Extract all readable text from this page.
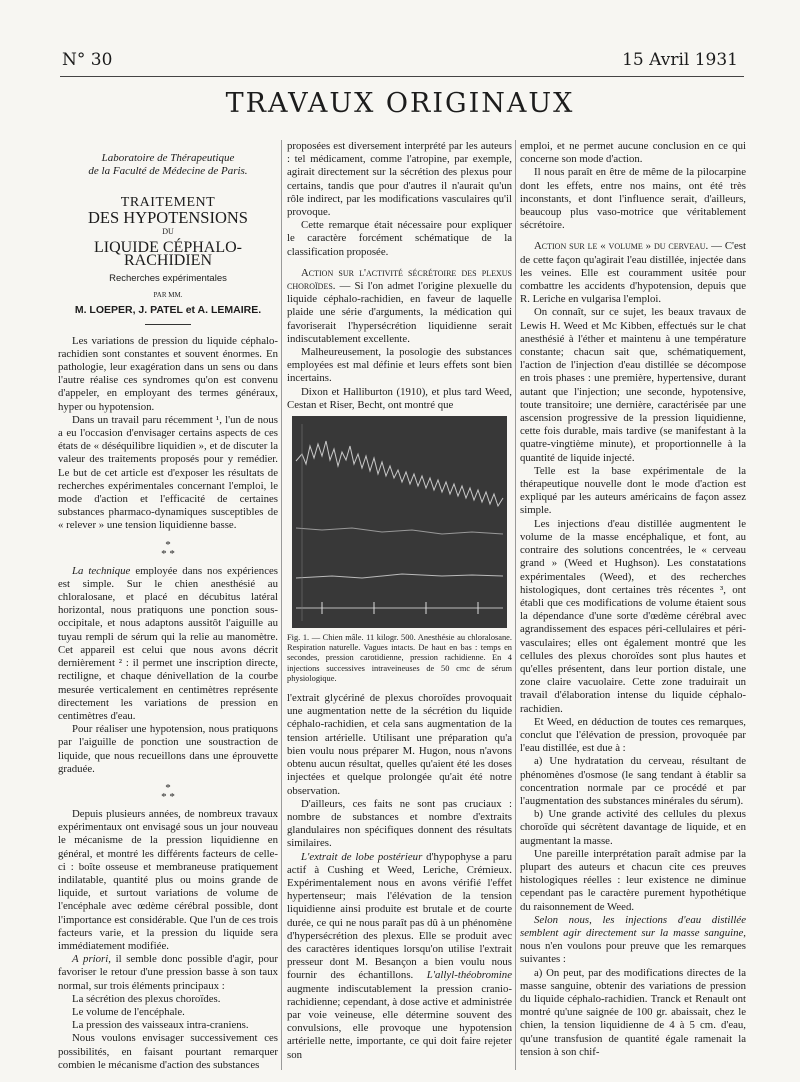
N° 30	15 Avril 1931
TRAVAUX ORIGINAUX
Laboratoire de Thérapeutique
de la Faculté de Médecine de Paris.
TRAITEMENT
DES HYPOTENSIONS
DU
LIQUIDE CÉPHALO-RACHIDIEN
Recherches expérimentales
PAR MM.
M. LOEPER, J. PATEL et A. LEMAIRE.

Les variations de pression du liquide céphalo-rachidien sont constantes et souvent énormes. En pathologie, leur exagération dans un sens ou dans l'autre réalise ces syndromes qu'on est convenu d'appeler, en employant des termes généraux, hyper ou hypotension.

Dans un travail paru récemment ¹, l'un de nous a eu l'occasion d'envisager certains aspects de ces états de « déséquilibre liquidien », et de discuter la valeur des traitements proposés pour y remédier. Le but de cet article est d'exposer les résultats de recherches expérimentales concernant l'emploi, le mode d'action et l'efficacité de certaines substances pharmaco-dynamiques susceptibles de « relever » une tension liquidienne basse.

*
* *

La technique employée dans nos expériences est simple. Sur le chien anesthésié au chloralosane, et placé en décubitus latéral horizontal, nous pratiquons une ponction sous-occipitale, et nous adaptons aussitôt l'aiguille au tuyau rempli de sérum qui la relie au manomètre. Cet appareil est celui que nous avons décrit dernièrement ² : il permet une inscription directe, rectiligne, et chaque dénivellation de la courbe mesurée verticalement en centimètres représente directement les variations de pression en centimètres d'eau.

Pour réaliser une hypotension, nous pratiquons par l'aiguille de ponction une soustraction de liquide, que nous recueillons dans une éprouvette graduée.

*
* *

Depuis plusieurs années, de nombreux travaux expérimentaux ont envisagé sous un jour nouveau le mécanisme de la pression liquidienne en général, et montré les différents facteurs de celle-ci : boîte osseuse et membraneuse pratiquement indilatable, quantité plus ou moins grande de liquide, et surtout variations de volume de l'encéphale avec œdème cérébral possible, dont l'importance est considérable. Que l'un de ces trois facteurs varie, et la pression du liquide sera immédiatement modifiée.

A priori, il semble donc possible d'agir, pour favoriser le retour d'une pression basse à son taux normal, sur trois éléments principaux :

La sécrétion des plexus choroïdes.

Le volume de l'encéphale.

La pression des vaisseaux intra-craniens.

Nous voulons envisager successivement ces possibilités, en faisant pourtant remarquer combien le mécanisme d'action des substances

proposées est diversement interprété par les auteurs : tel médicament, comme l'atropine, par exemple, agirait directement sur la sécrétion des plexus pour certains, tandis que pour d'autres il n'aurait qu'un rôle indirect, par les modifications vasculaires qu'il provoque.

Cette remarque était nécessaire pour expliquer le caractère forcément schématique de la classification proposée.

Action sur l'activité sécrétoire des plexus choroïdes. — Si l'on admet l'origine plexuelle du liquide céphalo-rachidien, en faveur de laquelle plaide une série d'arguments, la médication qui favoriserait l'hypersécrétion liquidienne serait indiscutablement excellente.

Malheureusement, la posologie des substances employées est mal définie et leurs effets sont bien incertains.

Dixon et Halliburton (1910), et plus tard Weed, Cestan et Riser, Becht, ont montré que

Fig. 1. — Chien mâle. 11 kilogr. 500. Anesthésie au chloralosane. Respiration naturelle. Vagues intacts. De haut en bas : temps en secondes, pression carotidienne, pression rachidienne. En 4 injections successives intraveineuses de 50 cmc de sérum physiologique.

l'extrait glycériné de plexus choroïdes provoquait une augmentation nette de la sécrétion du liquide céphalo-rachidien, et cela sans augmentation de la tension artérielle. Utilisant une préparation qu'a bien voulu nous préparer M. Hugon, nous n'avons obtenu aucun résultat, quelles qu'aient été les doses injectées et quelque prolongée qu'ait été notre observation.

D'ailleurs, ces faits ne sont pas cruciaux : nombre de substances et nombre d'extraits glandulaires non spécifiques donnent des résultats similaires.

L'extrait de lobe postérieur d'hypophyse a paru actif à Cushing et Weed, Leriche, Crémieux. Expérimentalement nous en avons vérifié l'effet hypertenseur; mais l'élévation de la tension liquidienne ainsi produite est brutale et de courte durée, ce qui ne nous paraît pas dû à un phénomène d'hypersécrétion des plexus. Elle se produit avec des caractères identiques lorsqu'on utilise l'extrait presseur dont M. Besançon a bien voulu nous fournir des échantillons. L'allyl-théobromine augmente indiscutablement la pression cranio-rachidienne; cependant, à dose active et administrée par voie veineuse, elle détermine souvent des convulsions, elle provoque une hypotension artérielle nette, importante, ce qui doit faire rejeter son

emploi, et ne permet aucune conclusion en ce qui concerne son mode d'action.

Il nous paraît en être de même de la pilocarpine dont les effets, entre nos mains, ont été très inconstants, et dont l'influence serait, d'ailleurs, beaucoup plus vaso-motrice que véritablement sécrétoire.

Action sur le « volume » du cerveau. — C'est de cette façon qu'agirait l'eau distillée, injectée dans les veines. Elle est couramment usitée pour combattre les accidents d'hypotension, depuis que R. Leriche en vulgarisa l'emploi.

On connaît, sur ce sujet, les beaux travaux de Lewis H. Weed et Mc Kibben, effectués sur le chat anesthésié à l'éther et maintenu à une température constante; chacun sait que, schématiquement, l'action de l'injection d'eau distillée se décompose en trois phases : une première, hypertensive, durant autant que l'injection; une seconde, hypotensive, toute transitoire; une dernière, caractérisée par une ascension progressive de la pression liquidienne, cette fois durable, mais tardive (se manifestant à la quatre-vingtième minute), et proportionnelle à la quantité de liquide injecté.

Telle est la base expérimentale de la thérapeutique nouvelle dont le mode d'action est expliqué par les auteurs américains de façon assez simple.

Les injections d'eau distillée augmentent le volume de la masse encéphalique, et font, au contraire des solutions concentrées, le « cerveau grand » (Weed et Hughson). Les constatations expérimentales (Weed), et des recherches histologiques, dont certaines très récentes ³, ont établi que ces modifications de volume étaient sous la dépendance d'une sorte d'œdème cérébral avec agrandissement des espaces péri-cellulaires et péri-vasculaires; elles ont également montré que les cellules des plexus choroïdes sont plus hautes et qu'elles présentent, dans leur portion distale, une zone claire vacuolaire. Cette zone traduirait un travail d'élaboration intense du liquide céphalo-rachidien.

Et Weed, en déduction de toutes ces remarques, conclut que l'élévation de pression, provoquée par l'eau distillée, est due à :

a) Une hydratation du cerveau, résultant de phénomènes d'osmose (le sang tendant à établir sa concentration normale par ce procédé et par l'augmentation des substances minérales du sérum).

b) Une grande activité des cellules du plexus choroïde qui sécrètent davantage de liquide, et en augmentant la masse.

Une pareille interprétation paraît admise par la plupart des auteurs et chacun cite ces preuves histologiques réelles : leur existence ne diminue cependant pas le caractère purement hypothétique du raisonnement de Weed.

Selon nous, les injections d'eau distillée semblent agir directement sur la masse sanguine, nous n'en voulons pour preuve que les remarques suivantes :

a) On peut, par des modifications directes de la masse sanguine, obtenir des variations de pression du liquide céphalo-rachidien. Tranck et Renault ont montré qu'une saignée de 100 gr. abaissait, chez le chien, la tension liquidienne de 4 à 5 cm. d'eau, qu'une transfusion de quantité égale ramenait la tension à son chif-
